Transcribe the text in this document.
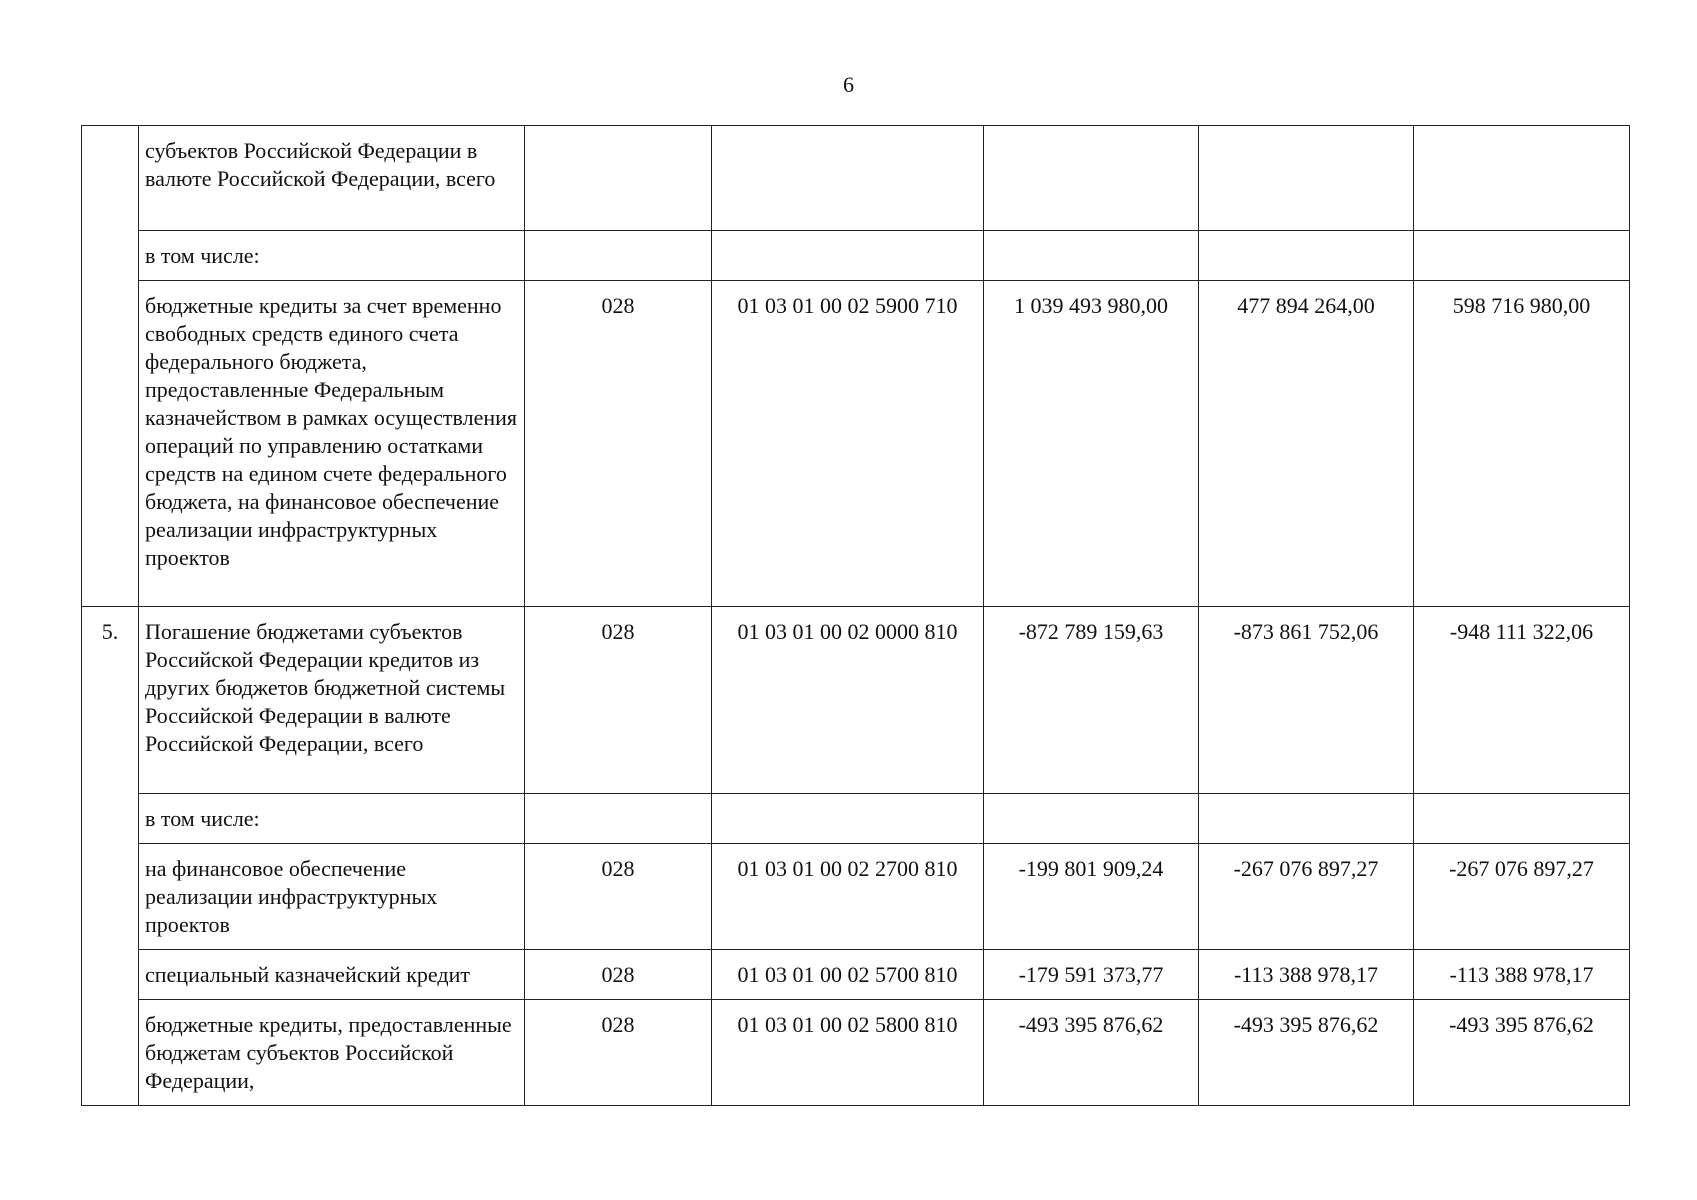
6
	субъектов Российской Федерации в валюте Российской Федерации, всего					
	в том числе:					
	бюджетные кредиты за счет временно свободных средств единого счета федерального бюджета, предоставленные Федеральным казначейством в рамках осуществления операций по управлению остатками средств на едином счете федерального бюджета, на финансовое обеспечение реализации инфраструктурных проектов	028	01 03 01 00 02 5900 710	1 039 493 980,00	477 894 264,00	598 716 980,00
5.	Погашение бюджетами субъектов Российской Федерации кредитов из других бюджетов бюджетной системы Российской Федерации в валюте Российской Федерации, всего	028	01 03 01 00 02 0000 810	-872 789 159,63	-873 861 752,06	-948 111 322,06
	в том числе:					
	на финансовое обеспечение реализации инфраструктурных проектов	028	01 03 01 00 02 2700 810	-199 801 909,24	-267 076 897,27	-267 076 897,27
	специальный казначейский кредит	028	01 03 01 00 02 5700 810	-179 591 373,77	-113 388 978,17	-113 388 978,17
	бюджетные кредиты, предоставленные бюджетам субъектов Российской Федерации,	028	01 03 01 00 02 5800 810	-493 395 876,62	-493 395 876,62	-493 395 876,62
